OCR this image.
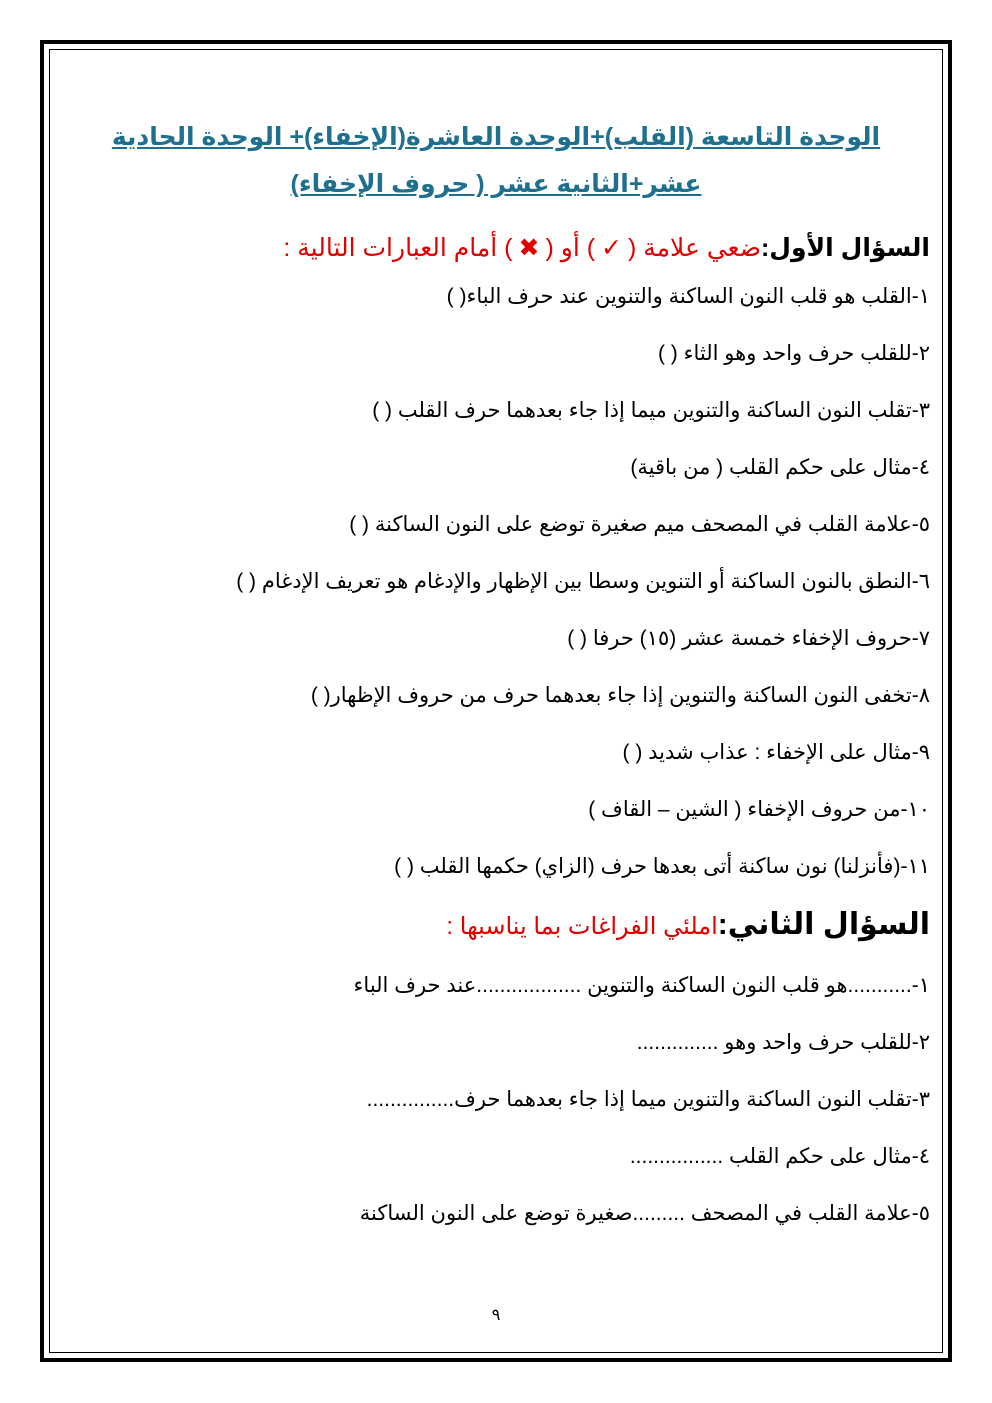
الوحدة التاسعة (القلب)+الوحدة العاشرة(الإخفاء)+ الوحدة الحادية عشر+الثانية عشر ( حروف الإخفاء)
السؤال الأول:ضعي علامة (✓) أو (✖) أمام العبارات التالية :
١-القلب هو قلب النون الساكنة والتنوين عند حرف الباء( )
٢-للقلب حرف واحد وهو الثاء ( )
٣-تقلب النون الساكنة والتنوين ميما إذا جاء بعدهما حرف القلب ( )
٤-مثال على حكم القلب ( من باقية)
٥-علامة القلب في المصحف ميم صغيرة توضع على النون الساكنة ( )
٦-النطق بالنون الساكنة أو التنوين وسطا بين الإظهار والإدغام هو تعريف الإدغام ( )
٧-حروف الإخفاء خمسة عشر (١٥) حرفا ( )
٨-تخفى النون الساكنة والتنوين إذا جاء بعدهما حرف من حروف الإظهار( )
٩-مثال على الإخفاء : عذاب شديد ( )
١٠-من حروف الإخفاء ( الشين – القاف )
١١-(فأنزلنا) نون ساكنة أتى بعدها حرف (الزاي) حكمها القلب ( )
السؤال الثاني:املئي الفراغات بما يناسبها :
١-...........هو قلب النون الساكنة والتنوين ..................عند حرف الباء
٢-للقلب حرف واحد وهو ..............
٣-تقلب النون الساكنة والتنوين ميما إذا جاء بعدهما حرف...............
٤-مثال على حكم القلب ................
٥-علامة القلب في المصحف .........صغيرة توضع على النون الساكنة
٩
